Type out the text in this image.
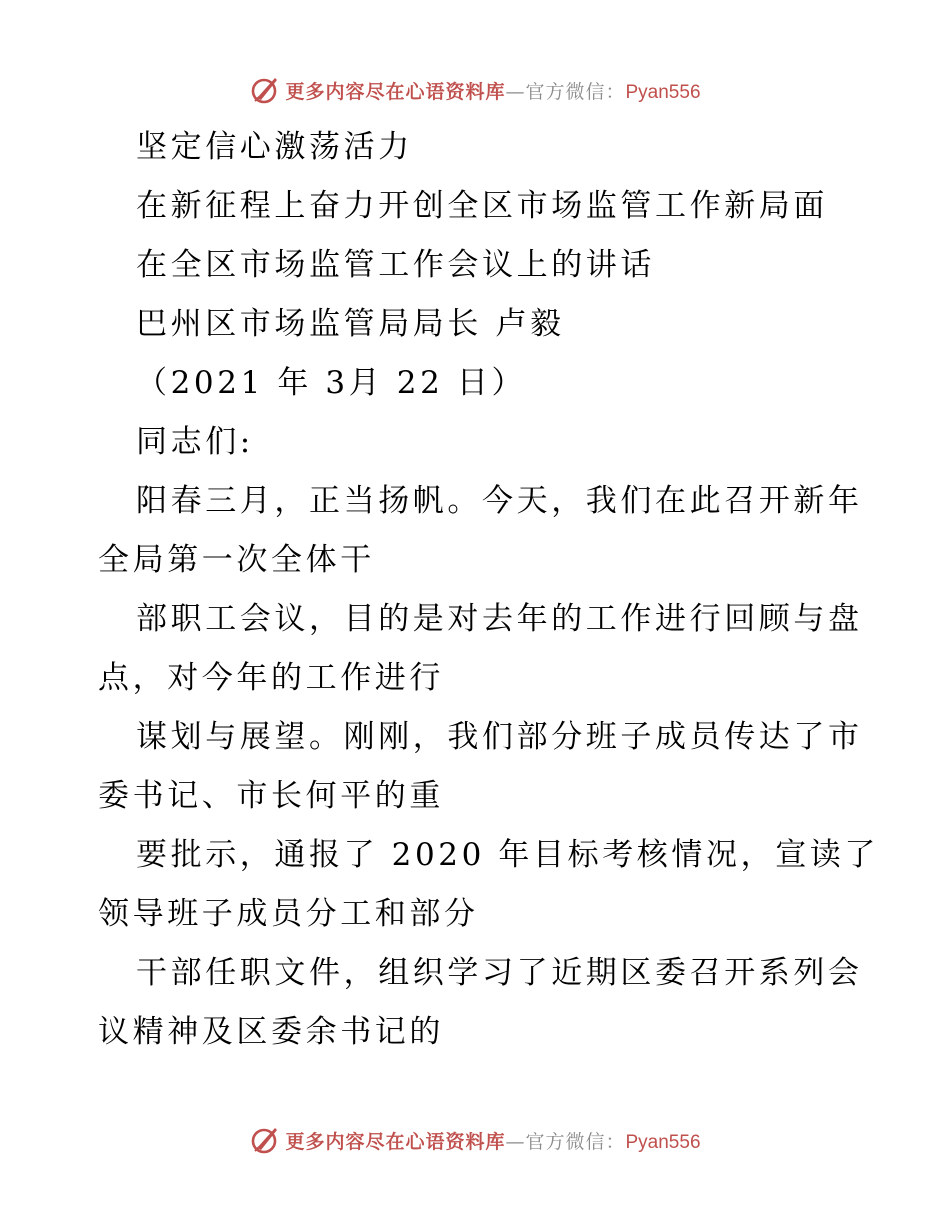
更多内容尽在心语资料库—官方微信：Pyan556
坚定信心激荡活力
在新征程上奋力开创全区市场监管工作新局面
在全区市场监管工作会议上的讲话
巴州区市场监管局局长 卢毅
（2021 年 3月 22 日）
同志们:
阳春三月，正当扬帆。今天，我们在此召开新年
全局第一次全体干
部职工会议，目的是对去年的工作进行回顾与盘
点，对今年的工作进行
谋划与展望。刚刚，我们部分班子成员传达了市
委书记、市长何平的重
要批示，通报了 2020 年目标考核情况，宣读了
领导班子成员分工和部分
干部任职文件，组织学习了近期区委召开系列会
议精神及区委余书记的
更多内容尽在心语资料库—官方微信：Pyan556
